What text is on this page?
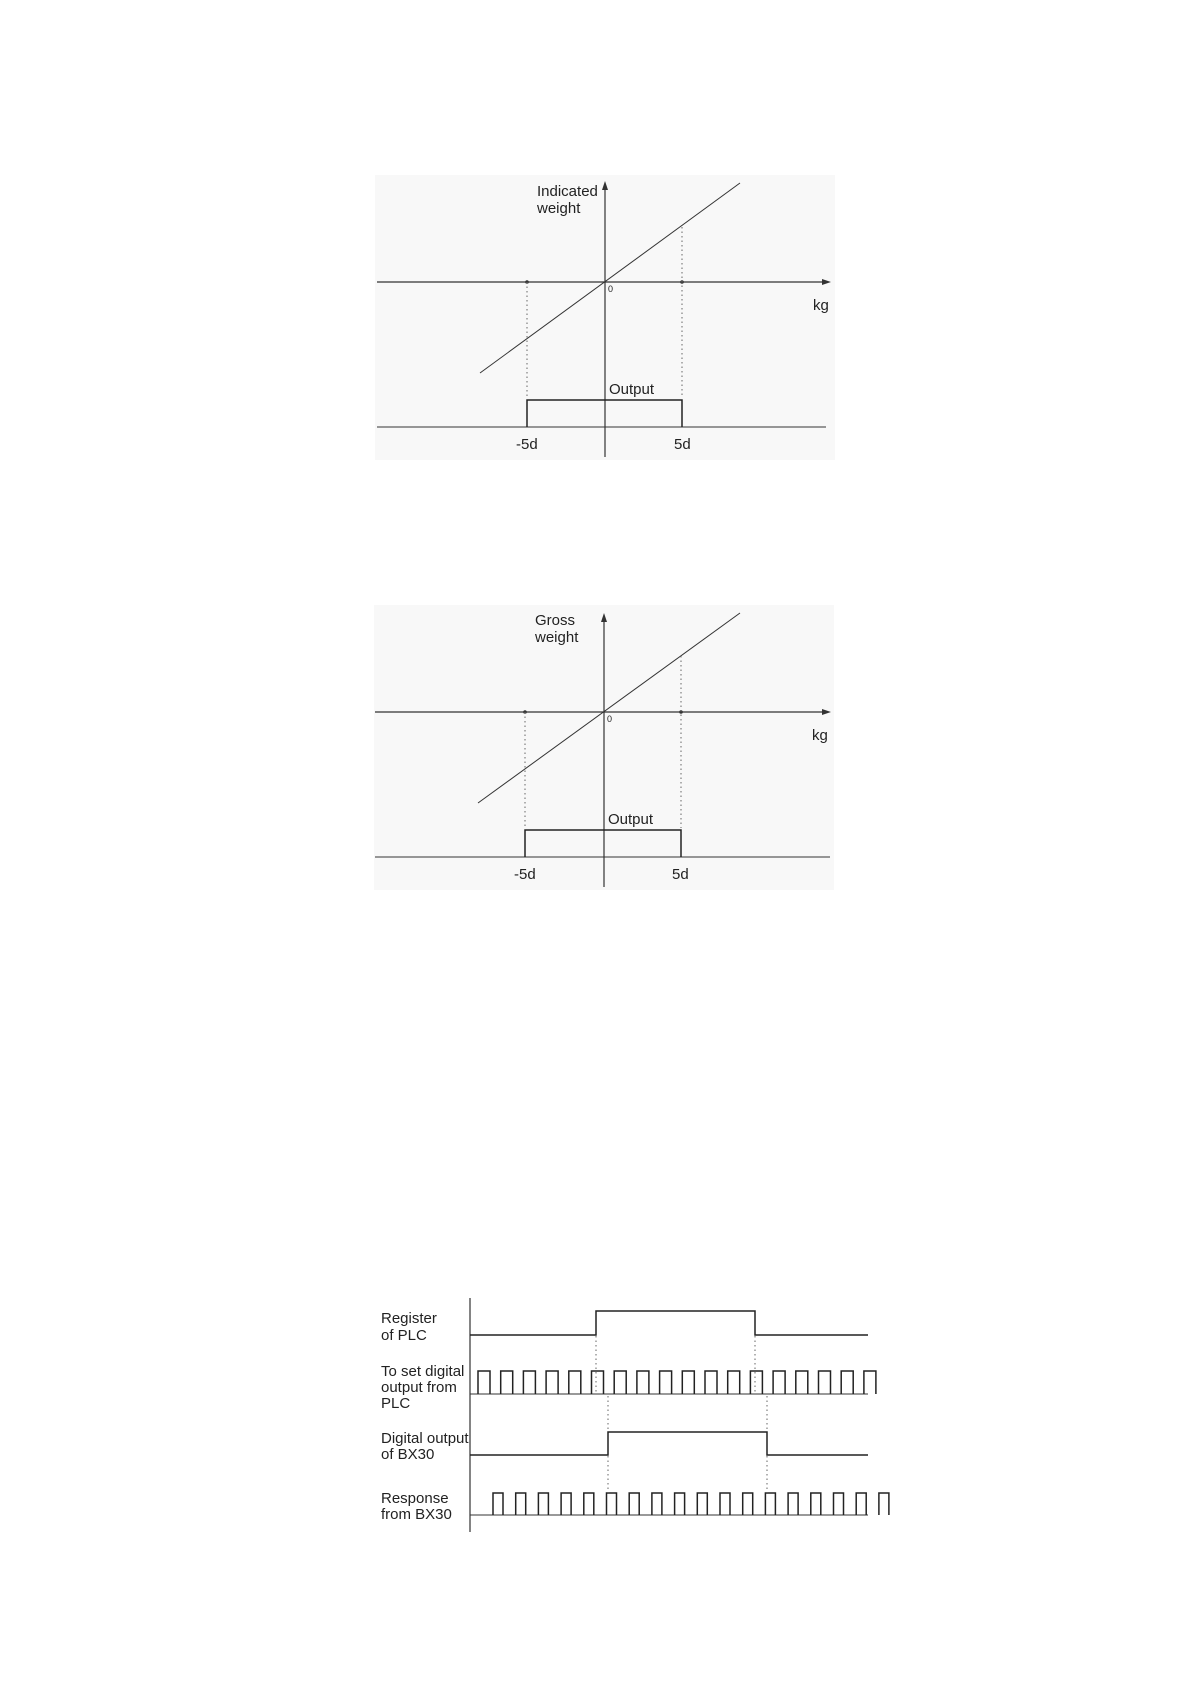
Indicated
weight
0
kg
Output
-5d	5d
Gross
weight
0
kg
Output
-5d	5d
Register
of PLC
To set digital
output from
PLC
Digital output
of BX30
Response
from BX30
